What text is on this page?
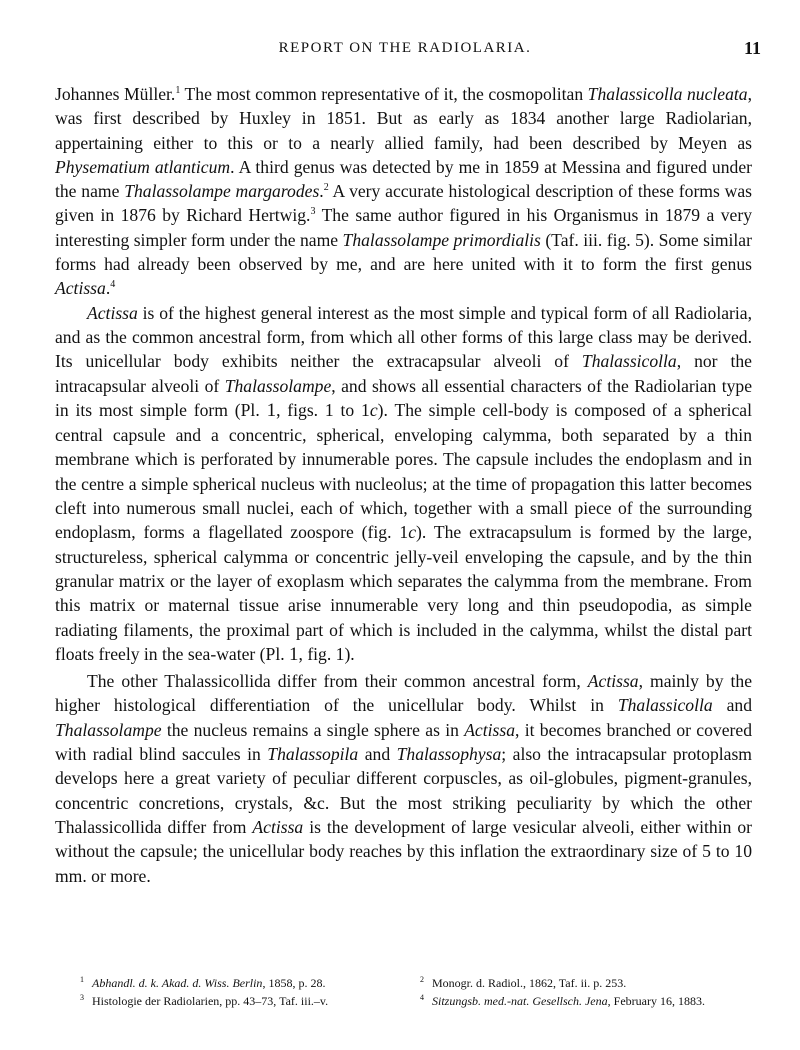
REPORT ON THE RADIOLARIA.	11

Johannes Müller.$^1$ The most common representative of it, the cosmopolitan Thalassicolla nucleata, was first described by Huxley in 1851. But as early as 1834 another large Radiolarian, appertaining either to this or to a nearly allied family, had been described by Meyen as Physematium atlanticum. A third genus was detected by me in 1859 at Messina and figured under the name Thalassolampe margarodes.$^2$ A very accurate histological description of these forms was given in 1876 by Richard Hertwig.$^3$ The same author figured in his Organismus in 1879 a very interesting simpler form under the name Thalassolampe primordialis (Taf. iii. fig. 5). Some similar forms had already been observed by me, and are here united with it to form the first genus Actissa.$^4$

Actissa is of the highest general interest as the most simple and typical form of all Radiolaria, and as the common ancestral form, from which all other forms of this large class may be derived. Its unicellular body exhibits neither the extracapsular alveoli of Thalassicolla, nor the intracapsular alveoli of Thalassolampe, and shows all essential characters of the Radiolarian type in its most simple form (Pl. 1, figs. 1 to 1c). The simple cell-body is composed of a spherical central capsule and a concentric, spherical, enveloping calymma, both separated by a thin membrane which is perforated by innumerable pores. The capsule includes the endoplasm and in the centre a simple spherical nucleus with nucleolus; at the time of propagation this latter becomes cleft into numerous small nuclei, each of which, together with a small piece of the surrounding endoplasm, forms a flagellated zoospore (fig. 1c). The extracapsulum is formed by the large, structureless, spherical calymma or concentric jelly-veil enveloping the capsule, and by the thin granular matrix or the layer of exoplasm which separates the calymma from the membrane. From this matrix or maternal tissue arise innumerable very long and thin pseudopodia, as simple radiating filaments, the proximal part of which is included in the calymma, whilst the distal part floats freely in the sea-water (Pl. 1, fig. 1).

The other Thalassicollida differ from their common ancestral form, Actissa, mainly by the higher histological differentiation of the unicellular body. Whilst in Thalassicolla and Thalassolampe the nucleus remains a single sphere as in Actissa, it becomes branched or covered with radial blind saccules in Thalassopila and Thalassophysa; also the intracapsular protoplasm develops here a great variety of peculiar different corpuscles, as oil-globules, pigment-granules, concentric concretions, crystals, &c. But the most striking peculiarity by which the other Thalassicollida differ from Actissa is the development of large vesicular alveoli, either within or without the capsule; the unicellular body reaches by this inflation the extraordinary size of 5 to 10 mm. or more.

$^1$ Abhandl. d. k. Akad. d. Wiss. Berlin, 1858, p. 28.	$^2$ Monogr. d. Radiol., 1862, Taf. ii. p. 253.
$^3$ Histologie der Radiolarien, pp. 43–73, Taf. iii.–v.	$^4$ Sitzungsb. med.-nat. Gesellsch. Jena, February 16, 1883.
